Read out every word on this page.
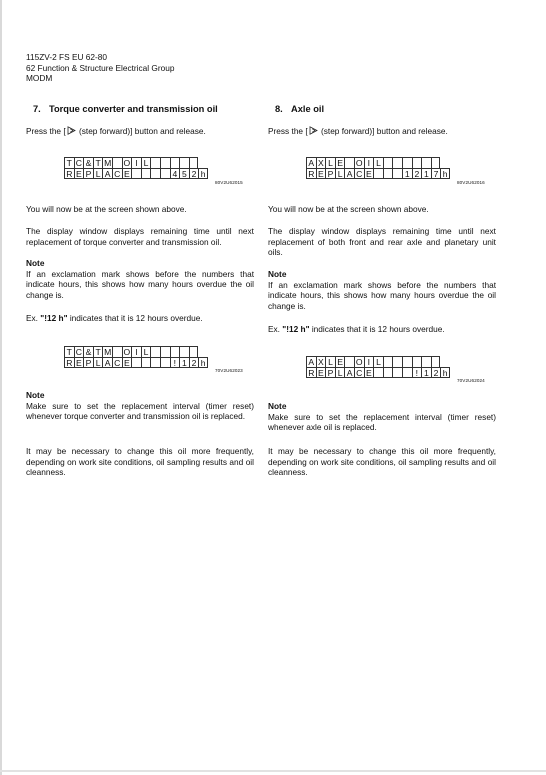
115ZV-2 FS EU 62-80
62 Function & Structure Electrical Group
MODM
7. Torque converter and transmission oil
Press the [ (step forward)] button and release.
T C & T M O I L
R E P L A C E	4 5 2 h
80V2U62015
You will now be at the screen shown above.
The display window displays remaining time until next replacement of torque converter and transmission oil.
Note
If an exclamation mark shows before the numbers that indicate hours, this shows how many hours overdue the oil change is.
Ex. "!12 h" indicates that it is 12 hours overdue.
T C & T M O I L
R E P L A C E	! 1 2 h
70V2U62023
Note
Make sure to set the replacement interval (timer reset) whenever torque converter and transmission oil is replaced.
It may be necessary to change this oil more frequently, depending on work site conditions, oil sampling results and oil cleanness.
8. Axle oil
Press the [ (step forward)] button and release.
A X L E O I L
R E P L A C E	1 2 1 7 h
80V2U62016
You will now be at the screen shown above.
The display window displays remaining time until next replacement of both front and rear axle and planetary unit oils.
Note
If an exclamation mark shows before the numbers that indicate hours, this shows how many hours overdue the oil change is.
Ex. "!12 h" indicates that it is 12 hours overdue.
A X L E O I L
R E P L A C E	! 1 2 h
70V2U62024
Note
Make sure to set the replacement interval (timer reset) whenever axle oil is replaced.
It may be necessary to change this oil more frequently, depending on work site conditions, oil sampling results and oil cleanness.
